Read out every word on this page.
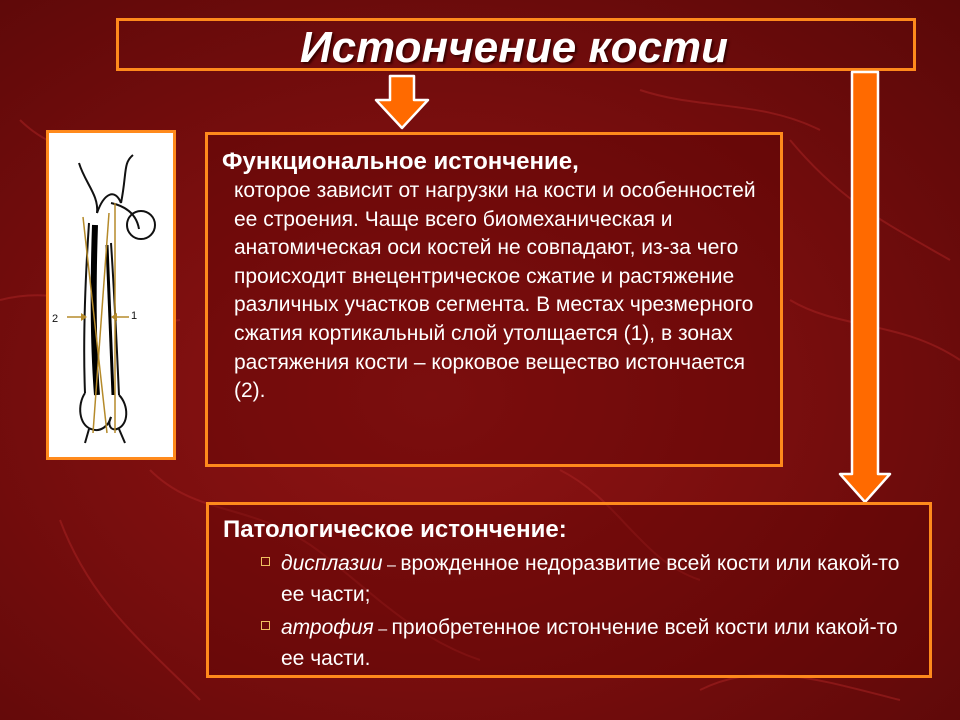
Истончение кости
2	1
Функциональное истончение,
которое зависит от нагрузки на кости и особенностей ее строения. Чаще всего биомеханическая и анатомическая оси костей не совпадают, из-за чего происходит внецентрическое сжатие и растяжение различных участков сегмента. В местах чрезмерного сжатия кортикальный слой утолщается (1), в зонах растяжения кости – корковое вещество истончается (2).
Патологическое истончение:
дисплазии – врожденное недоразвитие всей кости или какой-то ее части;
атрофия – приобретенное истончение всей кости или какой-то ее части.
